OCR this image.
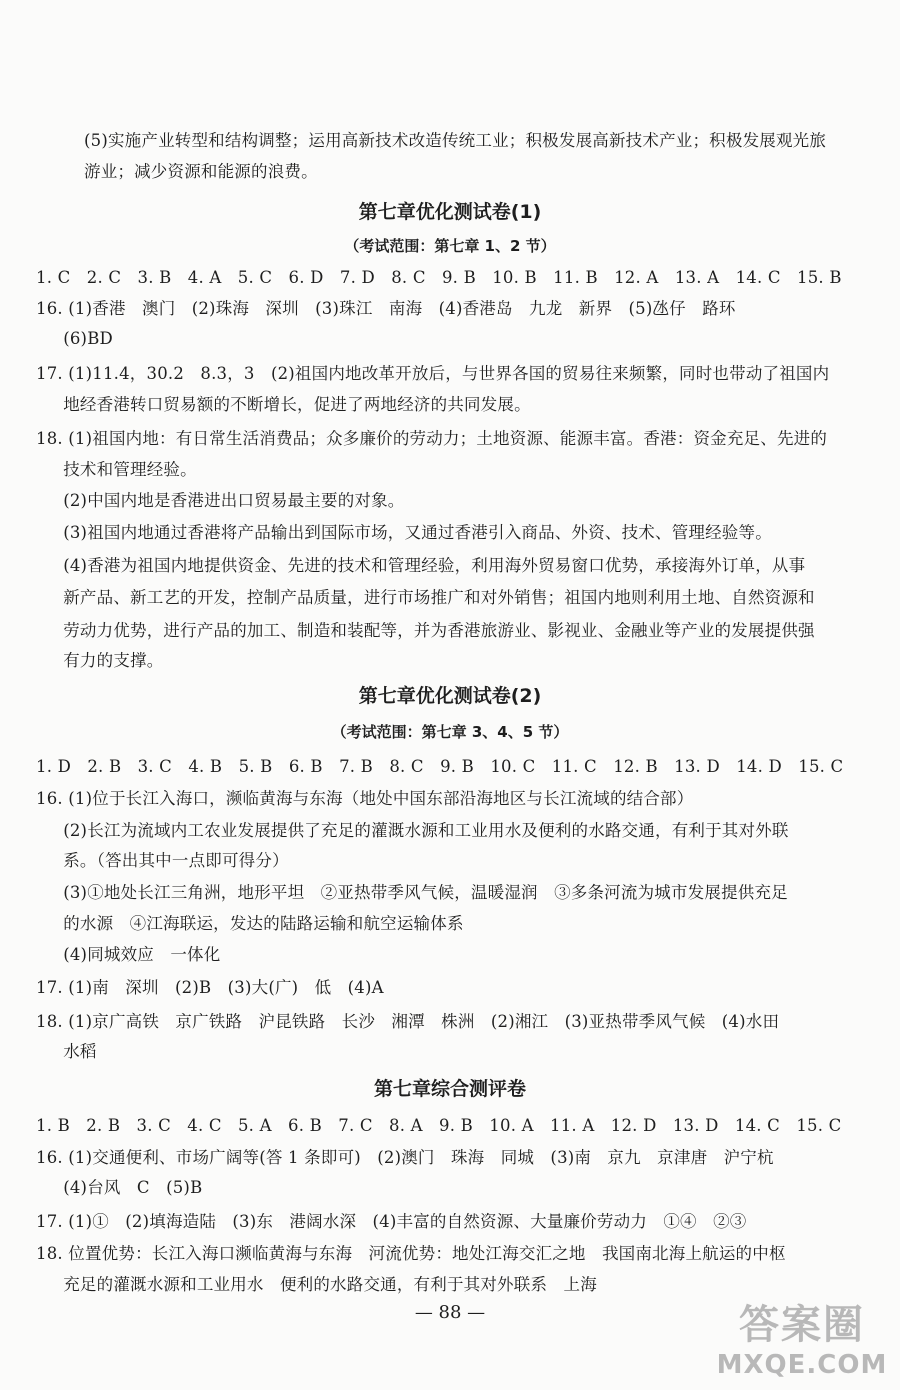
(5)实施产业转型和结构调整；运用高新技术改造传统工业；积极发展高新技术产业；积极发展观光旅
游业；减少资源和能源的浪费。
第七章优化测试卷(1)
（考试范围：第七章 1、2 节）
1. C   2. C   3. B   4. A   5. C   6. D   7. D   8. C   9. B   10. B   11. B   12. A   13. A   14. C   15. B
16. (1)香港   澳门   (2)珠海   深圳   (3)珠江   南海   (4)香港岛   九龙   新界   (5)氹仔   路环
(6)BD
17. (1)11.4，30.2   8.3，3   (2)祖国内地改革开放后，与世界各国的贸易往来频繁，同时也带动了祖国内
地经香港转口贸易额的不断增长，促进了两地经济的共同发展。
18. (1)祖国内地：有日常生活消费品；众多廉价的劳动力；土地资源、能源丰富。香港：资金充足、先进的
技术和管理经验。
(2)中国内地是香港进出口贸易最主要的对象。
(3)祖国内地通过香港将产品输出到国际市场，又通过香港引入商品、外资、技术、管理经验等。
(4)香港为祖国内地提供资金、先进的技术和管理经验，利用海外贸易窗口优势，承接海外订单，从事
新产品、新工艺的开发，控制产品质量，进行市场推广和对外销售；祖国内地则利用土地、自然资源和
劳动力优势，进行产品的加工、制造和装配等，并为香港旅游业、影视业、金融业等产业的发展提供强
有力的支撑。
第七章优化测试卷(2)
（考试范围：第七章 3、4、5 节）
1. D   2. B   3. C   4. B   5. B   6. B   7. B   8. C   9. B   10. C   11. C   12. B   13. D   14. D   15. C
16. (1)位于长江入海口，濒临黄海与东海（地处中国东部沿海地区与长江流域的结合部）
(2)长江为流域内工农业发展提供了充足的灌溉水源和工业用水及便利的水路交通，有利于其对外联
系。（答出其中一点即可得分）
(3)①地处长江三角洲，地形平坦   ②亚热带季风气候，温暖湿润   ③多条河流为城市发展提供充足
的水源   ④江海联运，发达的陆路运输和航空运输体系
(4)同城效应   一体化
17. (1)南   深圳   (2)B   (3)大(广)   低   (4)A
18. (1)京广高铁   京广铁路   沪昆铁路   长沙   湘潭   株洲   (2)湘江   (3)亚热带季风气候   (4)水田
水稻
第七章综合测评卷
1. B   2. B   3. C   4. C   5. A   6. B   7. C   8. A   9. B   10. A   11. A   12. D   13. D   14. C   15. C
16. (1)交通便利、市场广阔等(答 1 条即可)   (2)澳门   珠海   同城   (3)南   京九   京津唐   沪宁杭
(4)台风   C   (5)B
17. (1)①   (2)填海造陆   (3)东   港阔水深   (4)丰富的自然资源、大量廉价劳动力   ①④   ②③
18. 位置优势：长江入海口濒临黄海与东海   河流优势：地处江海交汇之地   我国南北海上航运的中枢
充足的灌溉水源和工业用水   便利的水路交通，有利于其对外联系   上海
— 88 —	答案圈
MXQE.COM
